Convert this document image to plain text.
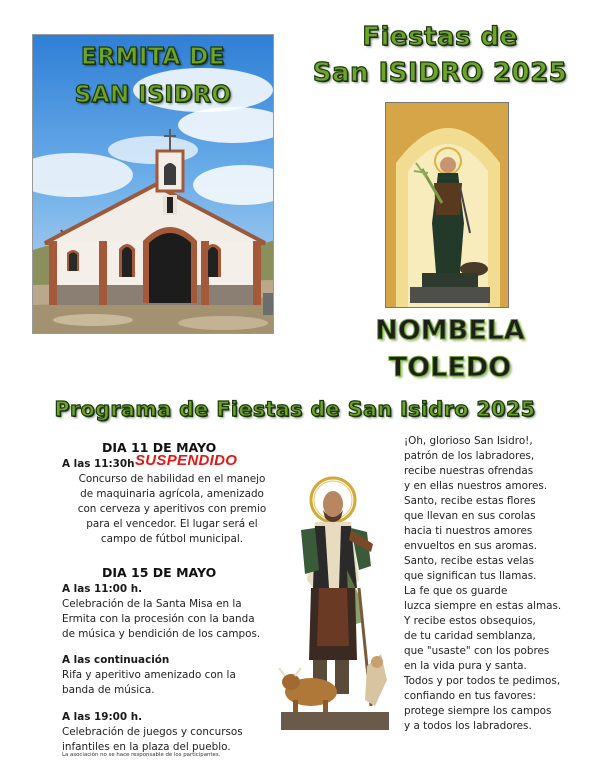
ERMITA DE
SAN ISIDRO
Fiestas de
San ISIDRO 2025
NOMBELA
TOLEDO
Programa de Fiestas de San Isidro 2025
DIA 11 DE MAYO
A las 11:30h SUSPENDIDO
Concurso de habilidad en el manejo
de maquinaria agrícola, amenizado
con cerveza y aperitivos con premio
para el vencedor. El lugar será el
campo de fútbol municipal.
DIA 15 DE MAYO
A las 11:00 h.
Celebración de la Santa Misa en la
Ermita con la procesión con la banda
de música y bendición de los campos.
A las continuación
Rifa y aperitivo amenizado con la
banda de música.
A las 19:00 h.
Celebración de juegos y concursos
infantiles en la plaza del pueblo.
La asociación no se hace responsable de los participantes.
¡Oh, glorioso San Isidro!,
patrón de los labradores,
recibe nuestras ofrendas
y en ellas nuestros amores.
Santo, recibe estas flores
que llevan en sus corolas
hacia ti nuestros amores
envueltos en sus aromas.
Santo, recibe estas velas
que significan tus llamas.
La fe que os guarde
luzca siempre en estas almas.
Y recibe estos obsequios,
de tu caridad semblanza,
que "usaste" con los pobres
en la vida pura y santa.
Todos y por todos te pedimos,
confiando en tus favores:
protege siempre los campos
y a todos los labradores.
